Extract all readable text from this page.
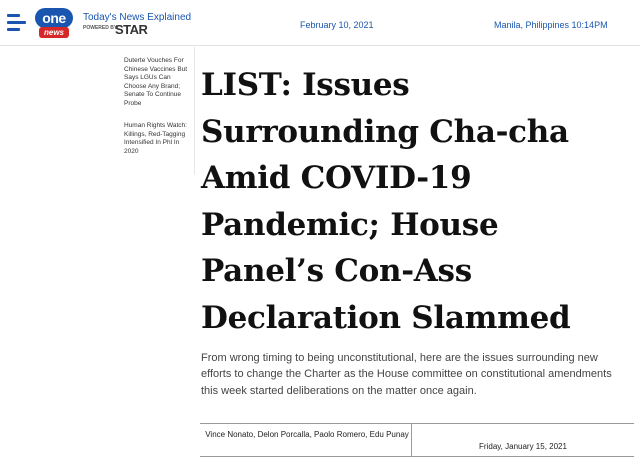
one
news
Today's News Explained
POWERED BY
STAR	February 10, 2021	Manila, Philippines 10:14PM
Duterte Vouches For Chinese Vaccines But Says LGUs Can Choose Any Brand; Senate To Continue Probe
Human Rights Watch: Killings, Red-Tagging Intensified In Phl In 2020
LIST: Issues Surrounding Cha-cha Amid COVID-19 Pandemic; House Panel’s Con-Ass Declaration Slammed

From wrong timing to being unconstitutional, here are the issues surrounding new efforts to change the Charter as the House committee on constitutional amendments this week started deliberations on the matter once again.

Vince Nonato, Delon Porcalla, Paolo Romero, Edu Punay
Friday, January 15, 2021
